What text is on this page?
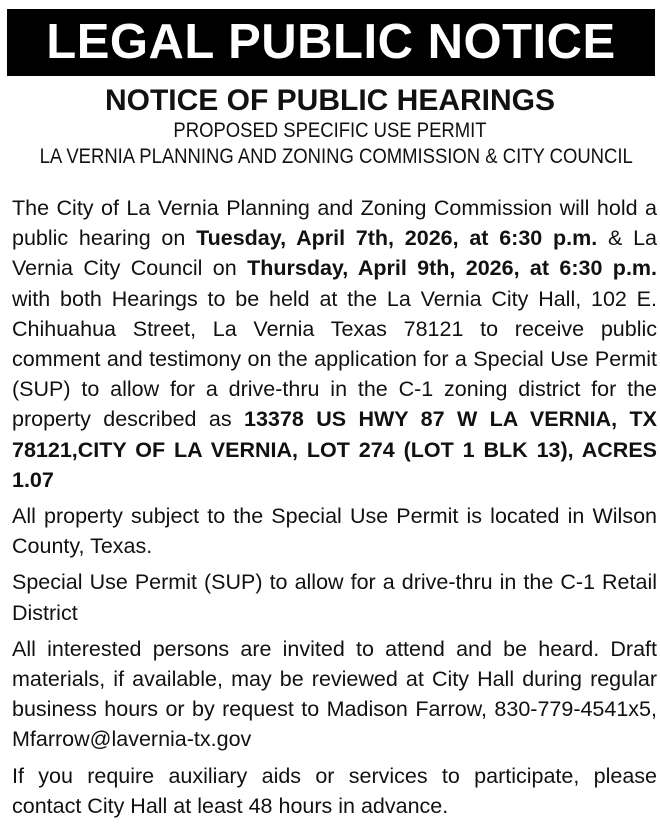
LEGAL PUBLIC NOTICE
NOTICE OF PUBLIC HEARINGS
PROPOSED SPECIFIC USE PERMIT
LA VERNIA PLANNING AND ZONING COMMISSION & CITY COUNCIL

The City of La Vernia Planning and Zoning Commission will hold a public hearing on Tuesday, April 7th, 2026, at 6:30 p.m. & La Vernia City Council on Thursday, April 9th, 2026, at 6:30 p.m. with both Hearings to be held at the La Vernia City Hall, 102 E. Chihuahua Street, La Vernia Texas 78121 to receive public comment and testimony on the application for a Special Use Permit (SUP) to allow for a drive-thru in the C-1 zoning district for the property described as 13378 US HWY 87 W LA VERNIA, TX 78121,CITY OF LA VERNIA, LOT 274 (LOT 1 BLK 13), ACRES 1.07

All property subject to the Special Use Permit is located in Wilson County, Texas.

Special Use Permit (SUP) to allow for a drive-thru in the C-1 Retail District

All interested persons are invited to attend and be heard. Draft materials, if available, may be reviewed at City Hall during regular business hours or by request to Madison Farrow, 830-779-4541x5, Mfarrow@lavernia-tx.gov

If you require auxiliary aids or services to participate, please contact City Hall at least 48 hours in advance.
